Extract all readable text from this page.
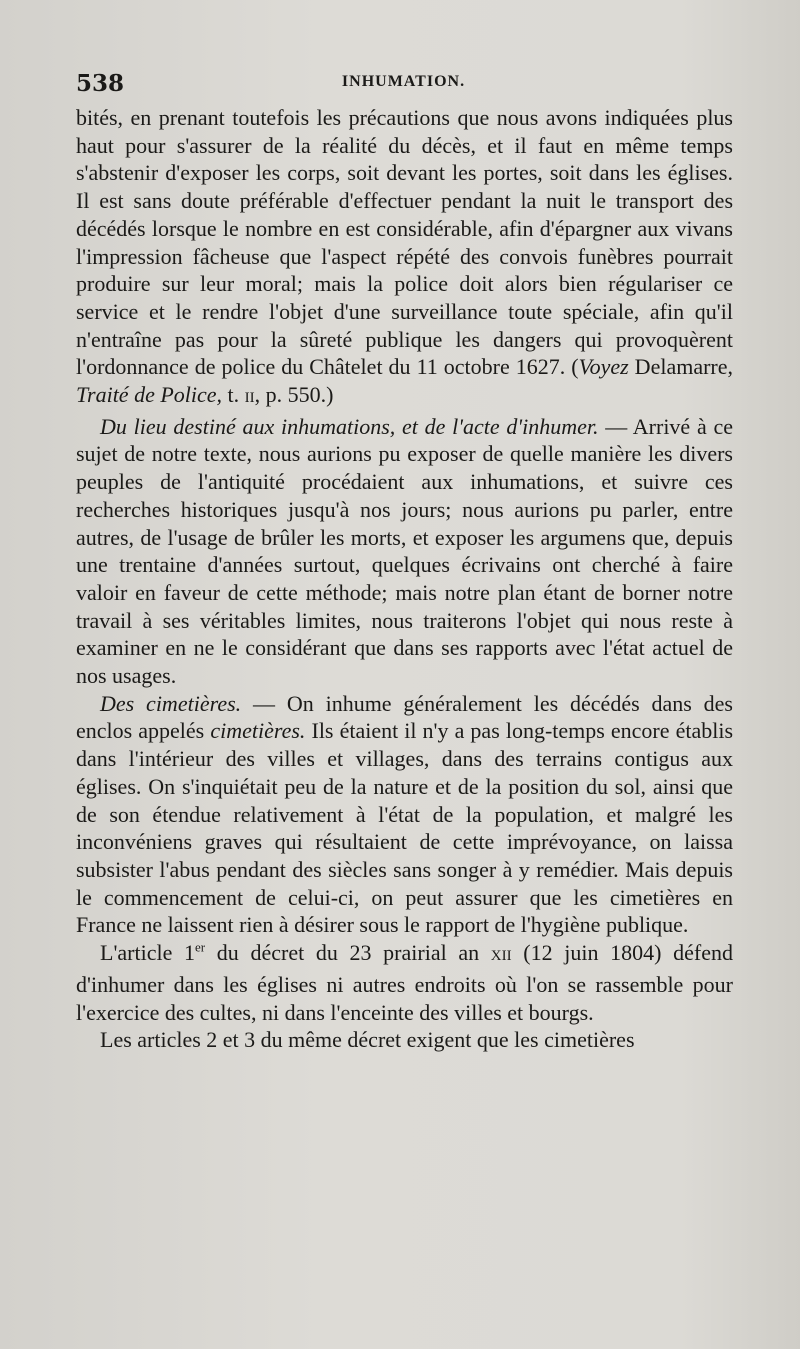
538	INHUMATION.

bités, en prenant toutefois les précautions que nous avons indiquées plus haut pour s'assurer de la réalité du décès, et il faut en même temps s'abstenir d'exposer les corps, soit devant les portes, soit dans les églises. Il est sans doute préférable d'effectuer pendant la nuit le transport des décédés lorsque le nombre en est considérable, afin d'épargner aux vivans l'impression fâcheuse que l'aspect répété des convois funèbres pourrait produire sur leur moral; mais la police doit alors bien régulariser ce service et le rendre l'objet d'une surveillance toute spéciale, afin qu'il n'entraîne pas pour la sûreté publique les dangers qui provoquèrent l'ordonnance de police du Châtelet du 11 octobre 1627. (Voyez Delamarre, Traité de Police, t. II, p. 550.)

Du lieu destiné aux inhumations, et de l'acte d'inhumer. — Arrivé à ce sujet de notre texte, nous aurions pu exposer de quelle manière les divers peuples de l'antiquité procédaient aux inhumations, et suivre ces recherches historiques jusqu'à nos jours; nous aurions pu parler, entre autres, de l'usage de brûler les morts, et exposer les argumens que, depuis une trentaine d'années surtout, quelques écrivains ont cherché à faire valoir en faveur de cette méthode; mais notre plan étant de borner notre travail à ses véritables limites, nous traiterons l'objet qui nous reste à examiner en ne le considérant que dans ses rapports avec l'état actuel de nos usages.

Des cimetières. — On inhume généralement les décédés dans des enclos appelés cimetières. Ils étaient il n'y a pas long-temps encore établis dans l'intérieur des villes et villages, dans des terrains contigus aux églises. On s'inquiétait peu de la nature et de la position du sol, ainsi que de son étendue relativement à l'état de la population, et malgré les inconvéniens graves qui résultaient de cette imprévoyance, on laissa subsister l'abus pendant des siècles sans songer à y remédier. Mais depuis le commencement de celui-ci, on peut assurer que les cimetières en France ne laissent rien à désirer sous le rapport de l'hygiène publique.

L'article 1er du décret du 23 prairial an XII (12 juin 1804) défend d'inhumer dans les églises ni autres endroits où l'on se rassemble pour l'exercice des cultes, ni dans l'enceinte des villes et bourgs.

Les articles 2 et 3 du même décret exigent que les cimetières
